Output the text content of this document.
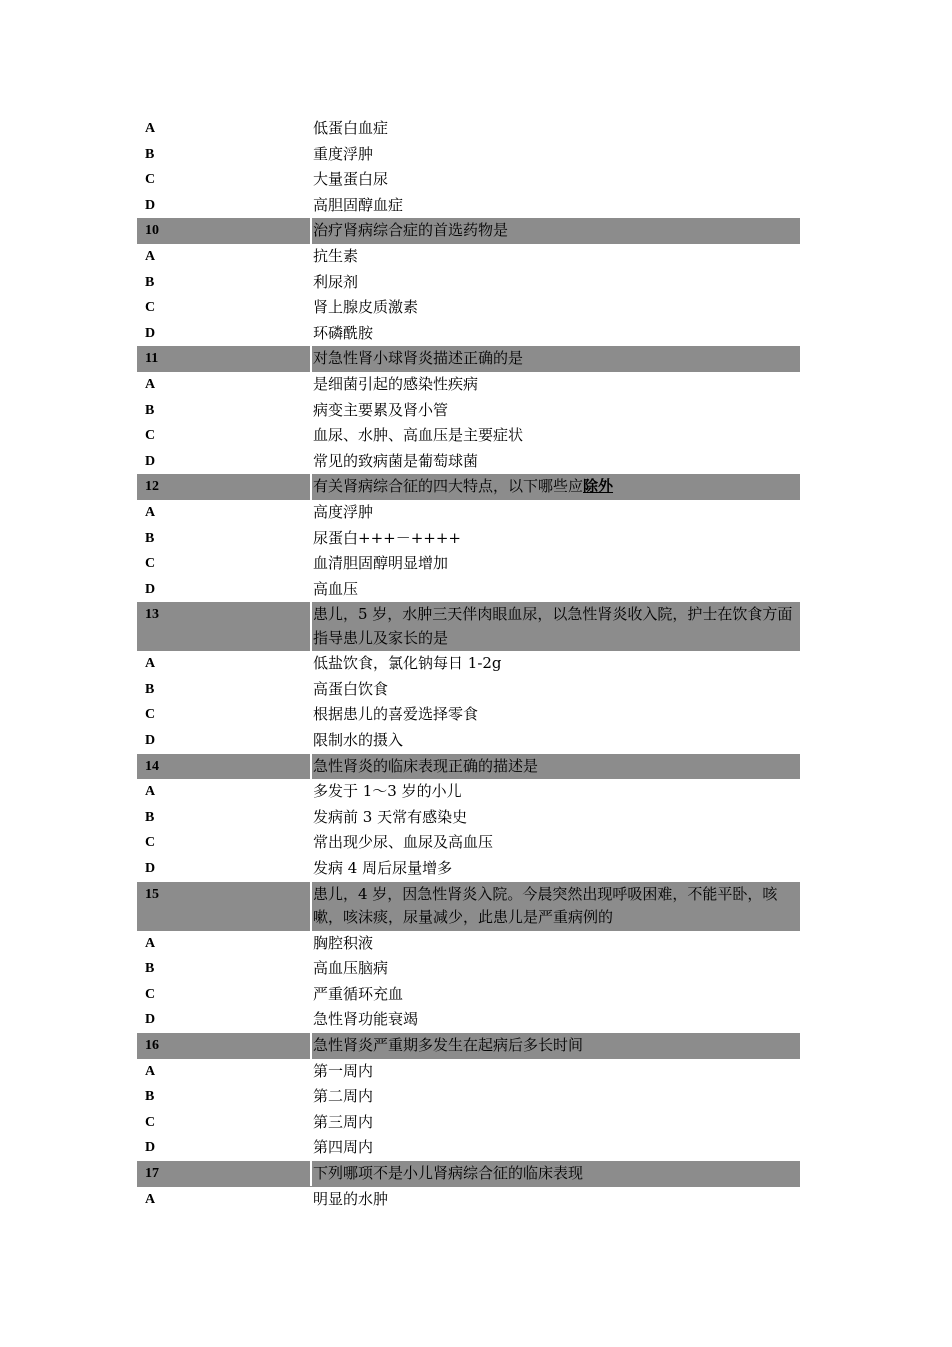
A	低蛋白血症
B	重度浮肿
C	大量蛋白尿
D	高胆固醇血症
10	治疗肾病综合症的首选药物是
A	抗生素
B	利尿剂
C	肾上腺皮质激素
D	环磷酰胺
11	对急性肾小球肾炎描述正确的是
A	是细菌引起的感染性疾病
B	病变主要累及肾小管
C	血尿、水肿、高血压是主要症状
D	常见的致病菌是葡萄球菌
12	有关肾病综合征的四大特点，以下哪些应除外
A	高度浮肿
B	尿蛋白+++－++++
C	血清胆固醇明显增加
D	高血压
13	患儿，5 岁，水肿三天伴肉眼血尿，以急性肾炎收入院，护士在饮食方面指导患儿及家长的是
A	低盐饮食，氯化钠每日 1-2g
B	高蛋白饮食
C	根据患儿的喜爱选择零食
D	限制水的摄入
14	急性肾炎的临床表现正确的描述是
A	多发于 1～3 岁的小儿
B	发病前 3 天常有感染史
C	常出现少尿、血尿及高血压
D	发病 4 周后尿量增多
15	患儿，4 岁，因急性肾炎入院。今晨突然出现呼吸困难，不能平卧，咳嗽，咳沫痰，尿量减少，此患儿是严重病例的
A	胸腔积液
B	高血压脑病
C	严重循环充血
D	急性肾功能衰竭
16	急性肾炎严重期多发生在起病后多长时间
A	第一周内
B	第二周内
C	第三周内
D	第四周内
17	下列哪项不是小儿肾病综合征的临床表现
A	明显的水肿
